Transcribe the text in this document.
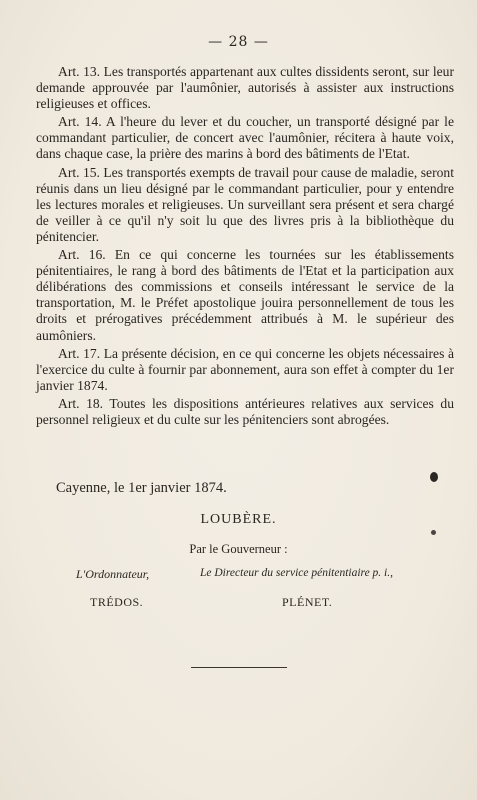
— 28 —

Art. 13. Les transportés appartenant aux cultes dissidents seront, sur leur demande approuvée par l'aumônier, autorisés à assister aux instructions religieuses et offices.

Art. 14. A l'heure du lever et du coucher, un transporté désigné par le commandant particulier, de concert avec l'aumônier, récitera à haute voix, dans chaque case, la prière des marins à bord des bâtiments de l'Etat.

Art. 15. Les transportés exempts de travail pour cause de maladie, seront réunis dans un lieu désigné par le commandant particulier, pour y entendre les lectures morales et religieuses. Un surveillant sera présent et sera chargé de veiller à ce qu'il n'y soit lu que des livres pris à la bibliothèque du pénitencier.

Art. 16. En ce qui concerne les tournées sur les établissements pénitentiaires, le rang à bord des bâtiments de l'Etat et la participation aux délibérations des commissions et conseils intéressant le service de la transportation, M. le Préfet apostolique jouira personnellement de tous les droits et prérogatives précédemment attribués à M. le supérieur des aumôniers.

Art. 17. La présente décision, en ce qui concerne les objets nécessaires à l'exercice du culte à fournir par abonnement, aura son effet à compter du 1er janvier 1874.

Art. 18. Toutes les dispositions antérieures relatives aux services du personnel religieux et du culte sur les pénitenciers sont abrogées.

Cayenne, le 1er janvier 1874.
LOUBÈRE.
Par le Gouverneur :
L'Ordonnateur,	Le Directeur du service pénitentiaire p. i.,
TRÉDOS.	PLÉNET.
